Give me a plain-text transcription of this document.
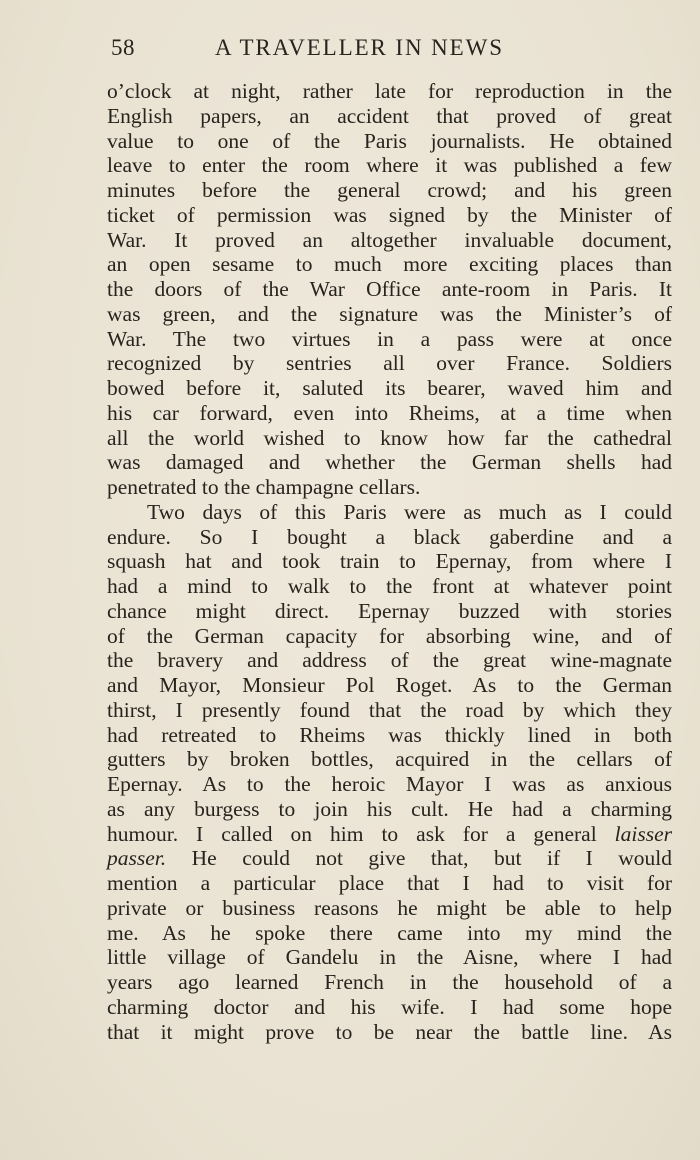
58	A TRAVELLER IN NEWS
o’clock at night, rather late for reproduction in the
English papers, an accident that proved of great
value to one of the Paris journalists. He obtained
leave to enter the room where it was published a few
minutes before the general crowd; and his green
ticket of permission was signed by the Minister of
War. It proved an altogether invaluable document,
an open sesame to much more exciting places than
the doors of the War Office ante-room in Paris. It
was green, and the signature was the Minister’s of
War. The two virtues in a pass were at once
recognized by sentries all over France. Soldiers
bowed before it, saluted its bearer, waved him and
his car forward, even into Rheims, at a time when
all the world wished to know how far the cathedral
was damaged and whether the German shells had
penetrated to the champagne cellars.
Two days of this Paris were as much as I could
endure. So I bought a black gaberdine and a
squash hat and took train to Epernay, from where I
had a mind to walk to the front at whatever point
chance might direct. Epernay buzzed with stories
of the German capacity for absorbing wine, and of
the bravery and address of the great wine-magnate
and Mayor, Monsieur Pol Roget. As to the German
thirst, I presently found that the road by which they
had retreated to Rheims was thickly lined in both
gutters by broken bottles, acquired in the cellars of
Epernay. As to the heroic Mayor I was as anxious
as any burgess to join his cult. He had a charming
humour. I called on him to ask for a general laisser
passer. He could not give that, but if I would
mention a particular place that I had to visit for
private or business reasons he might be able to help
me. As he spoke there came into my mind the
little village of Gandelu in the Aisne, where I had
years ago learned French in the household of a
charming doctor and his wife. I had some hope
that it might prove to be near the battle line. As
